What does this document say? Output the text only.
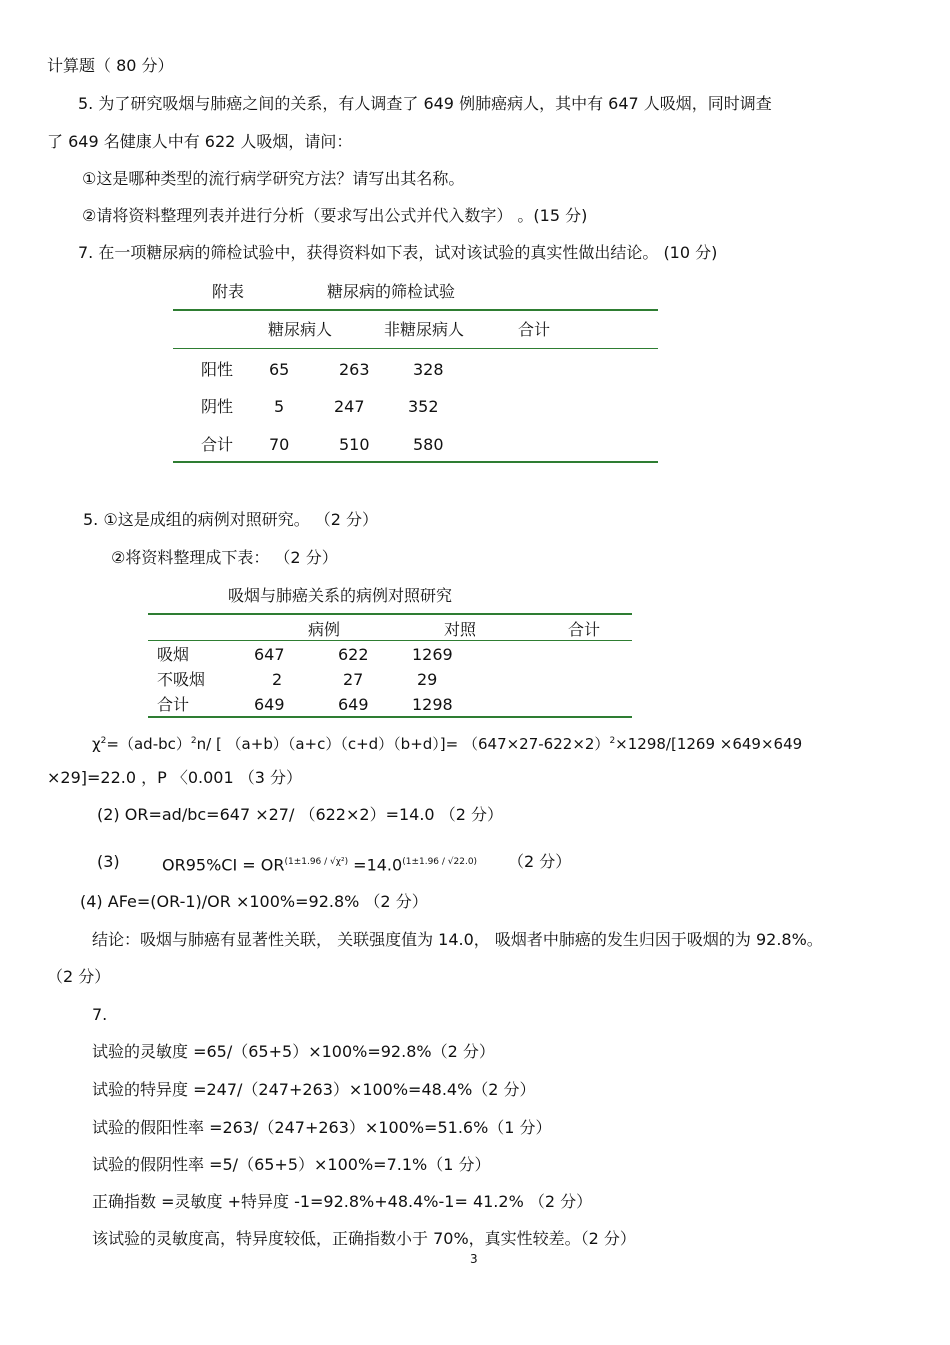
计算题（ 80 分）
5. 为了研究吸烟与肺癌之间的关系，有人调查了 649 例肺癌病人，其中有 647 人吸烟，同时调查
了 649 名健康人中有 622 人吸烟，请问：
①这是哪种类型的流行病学研究方法？请写出其名称。
②请将资料整理列表并进行分析（要求写出公式并代入数字） 。(15 分)
7. 在一项糖尿病的筛检试验中，获得资料如下表，试对该试验的真实性做出结论。 (10 分)
附表	糖尿病的筛检试验
糖尿病人	非糖尿病人	合计
阳性 65	263	328
阴性	5	247	352
合计 70	510	580
5. ①这是成组的病例对照研究。 （2 分）
②将资料整理成下表： （2 分）
吸烟与肺癌关系的病例对照研究
病例	对照	合计
吸烟	647	622	1269
不吸烟	2	27	29
合计	649	649	1298
$\chi^2=(ad-bc)^2n/$ [ $(a+b)(a+c)(c+d)(b+d)]= (647\times 27-622\times 2)^2\times 1298/[1269 \times 649\times 649$
×29]=22.0 ，P 〈0.001 （3 分）
(2) OR=ad/bc=647 ×27/ （622×2）=14.0 （2 分）
(3)	$OR95\%CI = OR^{(1\pm 1.96 / √\chi^2)} =14.0^{(1\pm 1.96 / √22.0)}$ （2 分）
(4) AFe=(OR-1)/OR ×100%=92.8% （2 分）
结论：吸烟与肺癌有显著性关联， 关联强度值为 14.0， 吸烟者中肺癌的发生归因于吸烟的为 92.8%。
（2 分）
7.
试验的灵敏度 =65/（65+5）×100%=92.8%（2 分）
试验的特异度 =247/（247+263）×100%=48.4%（2 分）
试验的假阳性率 =263/（247+263）×100%=51.6%（1 分）
试验的假阴性率 =5/（65+5）×100%=7.1%（1 分）
正确指数 =灵敏度 +特异度 -1=92.8%+48.4%-1= 41.2% （2 分）
该试验的灵敏度高，特异度较低，正确指数小于 70%，真实性较差。（2 分）
3
